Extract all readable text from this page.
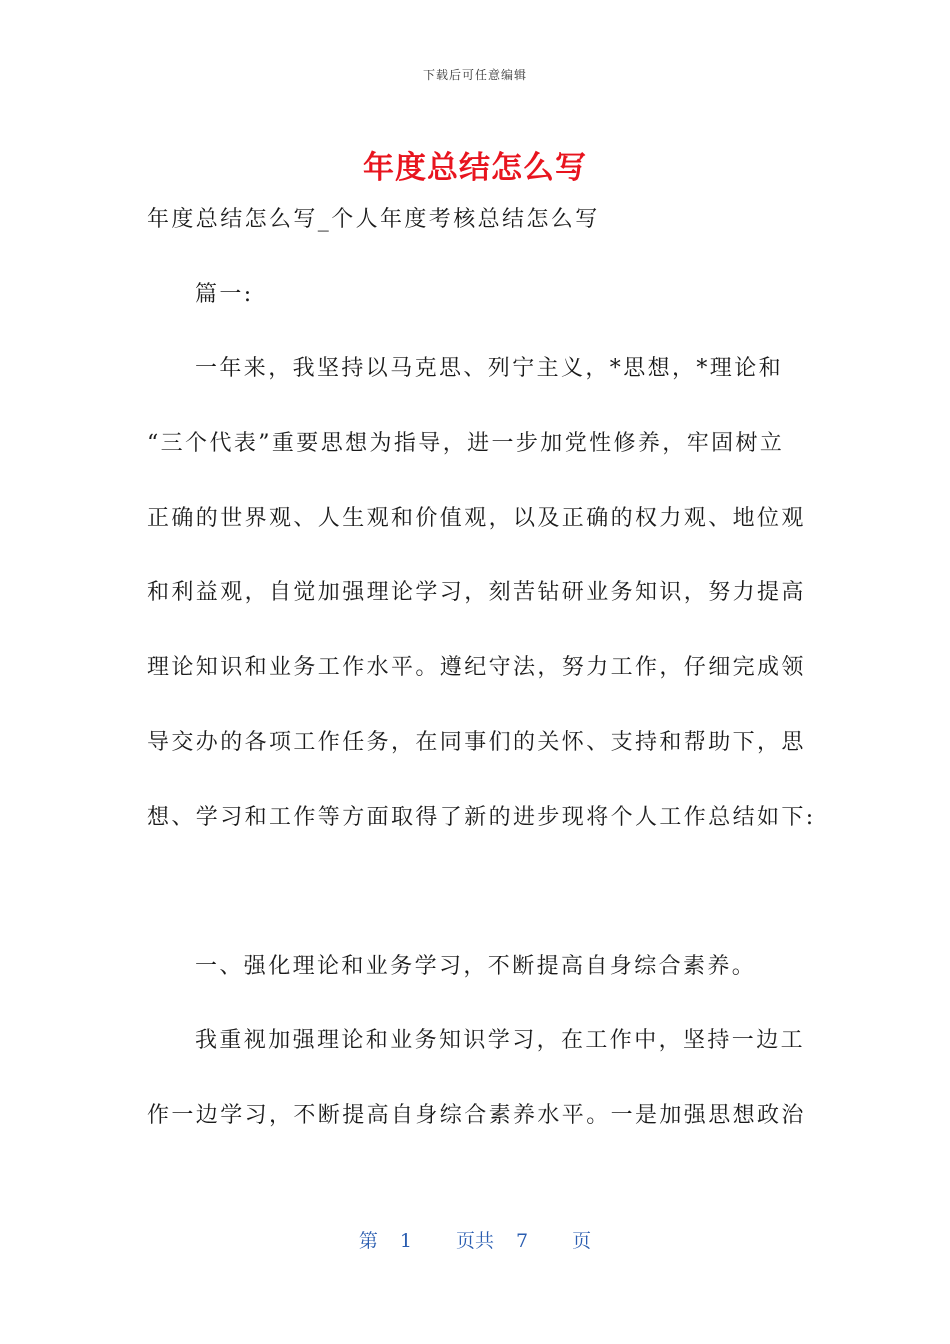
下载后可任意编辑
年度总结怎么写
年度总结怎么写_个人年度考核总结怎么写
篇一:
一年来，我坚持以马克思、列宁主义，*思想，*理论和
“三个代表”重要思想为指导，进一步加党性修养，牢固树立
正确的世界观、人生观和价值观，以及正确的权力观、地位观
和利益观，自觉加强理论学习，刻苦钻研业务知识，努力提高
理论知识和业务工作水平。遵纪守法，努力工作，仔细完成领
导交办的各项工作任务，在同事们的关怀、支持和帮助下，思
想、学习和工作等方面取得了新的进步现将个人工作总结如下:
一、强化理论和业务学习，不断提高自身综合素养。
我重视加强理论和业务知识学习，在工作中，坚持一边工
作一边学习，不断提高自身综合素养水平。一是加强思想政治
第 1 页共 7 页
